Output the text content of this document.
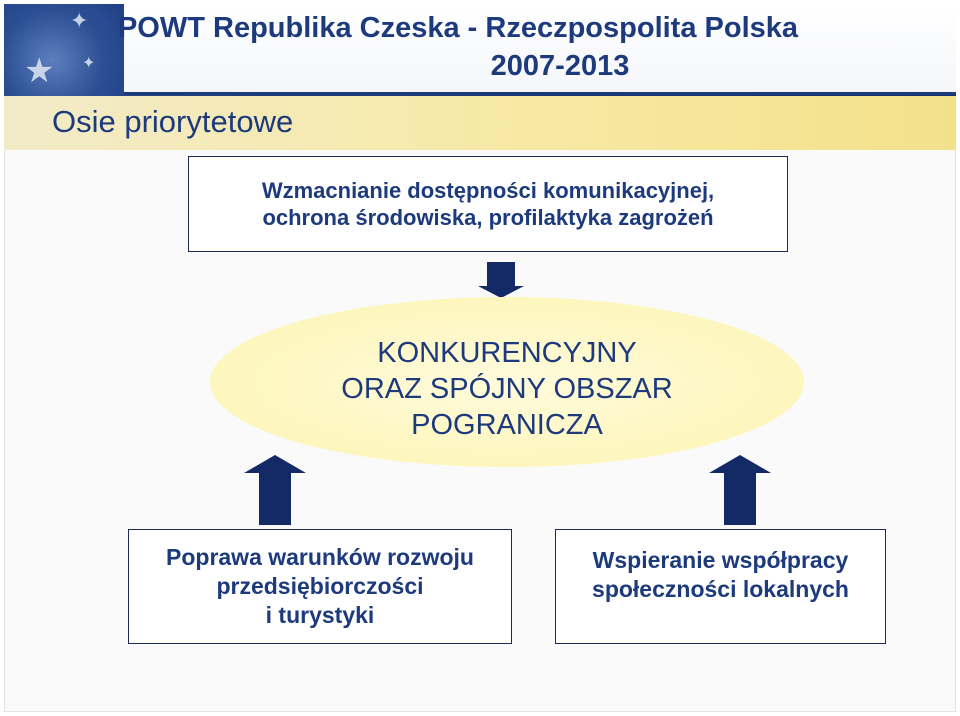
★
✦
✦
POWT Republika Czeska - Rzeczpospolita Polska
2007-2013
Osie priorytetowe
Wzmacnianie dostępności komunikacyjnej,
ochrona środowiska, profilaktyka zagrożeń
KONKURENCYJNY
ORAZ SPÓJNY OBSZAR
POGRANICZA
Poprawa warunków rozwoju
przedsiębiorczości
i turystyki
Wspieranie współpracy
społeczności lokalnych
